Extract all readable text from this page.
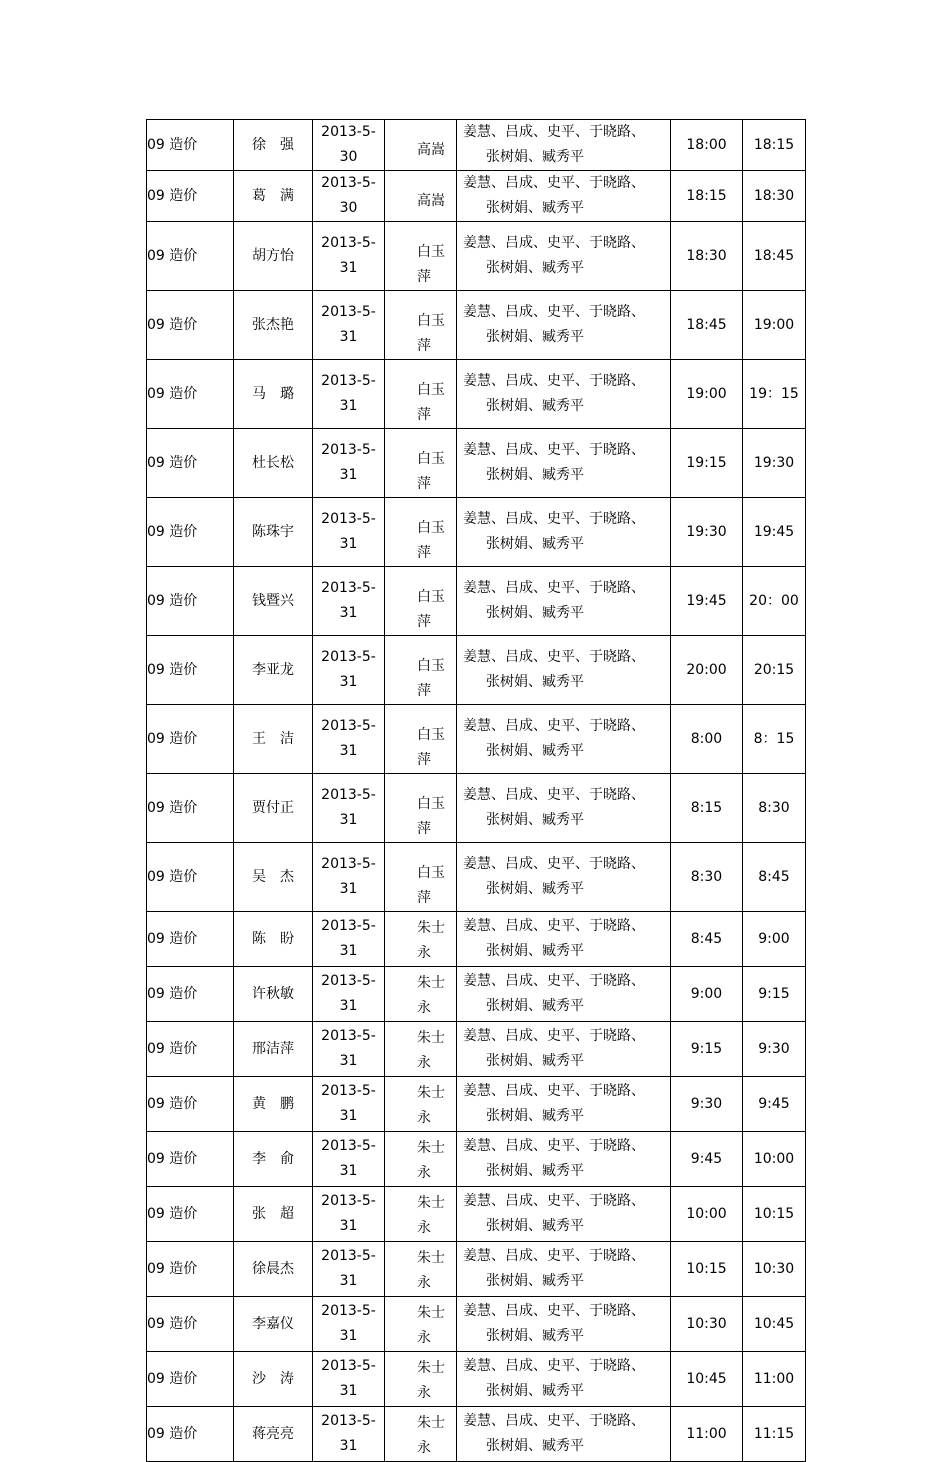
09 造价	徐　强	2013-5-
30	高嵩	姜慧、吕成、史平、于晓路、
张树娟、臧秀平	18:00	18:15
09 造价	葛　满	2013-5-
30	高嵩	姜慧、吕成、史平、于晓路、
张树娟、臧秀平	18:15	18:30
09 造价	胡方怡	2013-5-
31	白玉萍	姜慧、吕成、史平、于晓路、
张树娟、臧秀平	18:30	18:45
09 造价	张杰艳	2013-5-
31	白玉萍	姜慧、吕成、史平、于晓路、
张树娟、臧秀平	18:45	19:00
09 造价	马　璐	2013-5-
31	白玉萍	姜慧、吕成、史平、于晓路、
张树娟、臧秀平	19:00	19：15
09 造价	杜长松	2013-5-
31	白玉萍	姜慧、吕成、史平、于晓路、
张树娟、臧秀平	19:15	19:30
09 造价	陈珠宇	2013-5-
31	白玉萍	姜慧、吕成、史平、于晓路、
张树娟、臧秀平	19:30	19:45
09 造价	钱暨兴	2013-5-
31	白玉萍	姜慧、吕成、史平、于晓路、
张树娟、臧秀平	19:45	20：00
09 造价	李亚龙	2013-5-
31	白玉萍	姜慧、吕成、史平、于晓路、
张树娟、臧秀平	20:00	20:15
09 造价	王　洁	2013-5-
31	白玉萍	姜慧、吕成、史平、于晓路、
张树娟、臧秀平	8:00	8：15
09 造价	贾付正	2013-5-
31	白玉萍	姜慧、吕成、史平、于晓路、
张树娟、臧秀平	8:15	8:30
09 造价	吴　杰	2013-5-
31	白玉萍	姜慧、吕成、史平、于晓路、
张树娟、臧秀平	8:30	8:45
09 造价	陈　盼	2013-5-
31	朱士永	姜慧、吕成、史平、于晓路、
张树娟、臧秀平	8:45	9:00
09 造价	许秋敏	2013-5-
31	朱士永	姜慧、吕成、史平、于晓路、
张树娟、臧秀平	9:00	9:15
09 造价	邢洁萍	2013-5-
31	朱士永	姜慧、吕成、史平、于晓路、
张树娟、臧秀平	9:15	9:30
09 造价	黄　鹏	2013-5-
31	朱士永	姜慧、吕成、史平、于晓路、
张树娟、臧秀平	9:30	9:45
09 造价	李　俞	2013-5-
31	朱士永	姜慧、吕成、史平、于晓路、
张树娟、臧秀平	9:45	10:00
09 造价	张　超	2013-5-
31	朱士永	姜慧、吕成、史平、于晓路、
张树娟、臧秀平	10:00	10:15
09 造价	徐晨杰	2013-5-
31	朱士永	姜慧、吕成、史平、于晓路、
张树娟、臧秀平	10:15	10:30
09 造价	李嘉仪	2013-5-
31	朱士永	姜慧、吕成、史平、于晓路、
张树娟、臧秀平	10:30	10:45
09 造价	沙　涛	2013-5-
31	朱士永	姜慧、吕成、史平、于晓路、
张树娟、臧秀平	10:45	11:00
09 造价	蒋亮亮	2013-5-
31	朱士永	姜慧、吕成、史平、于晓路、
张树娟、臧秀平	11:00	11:15
